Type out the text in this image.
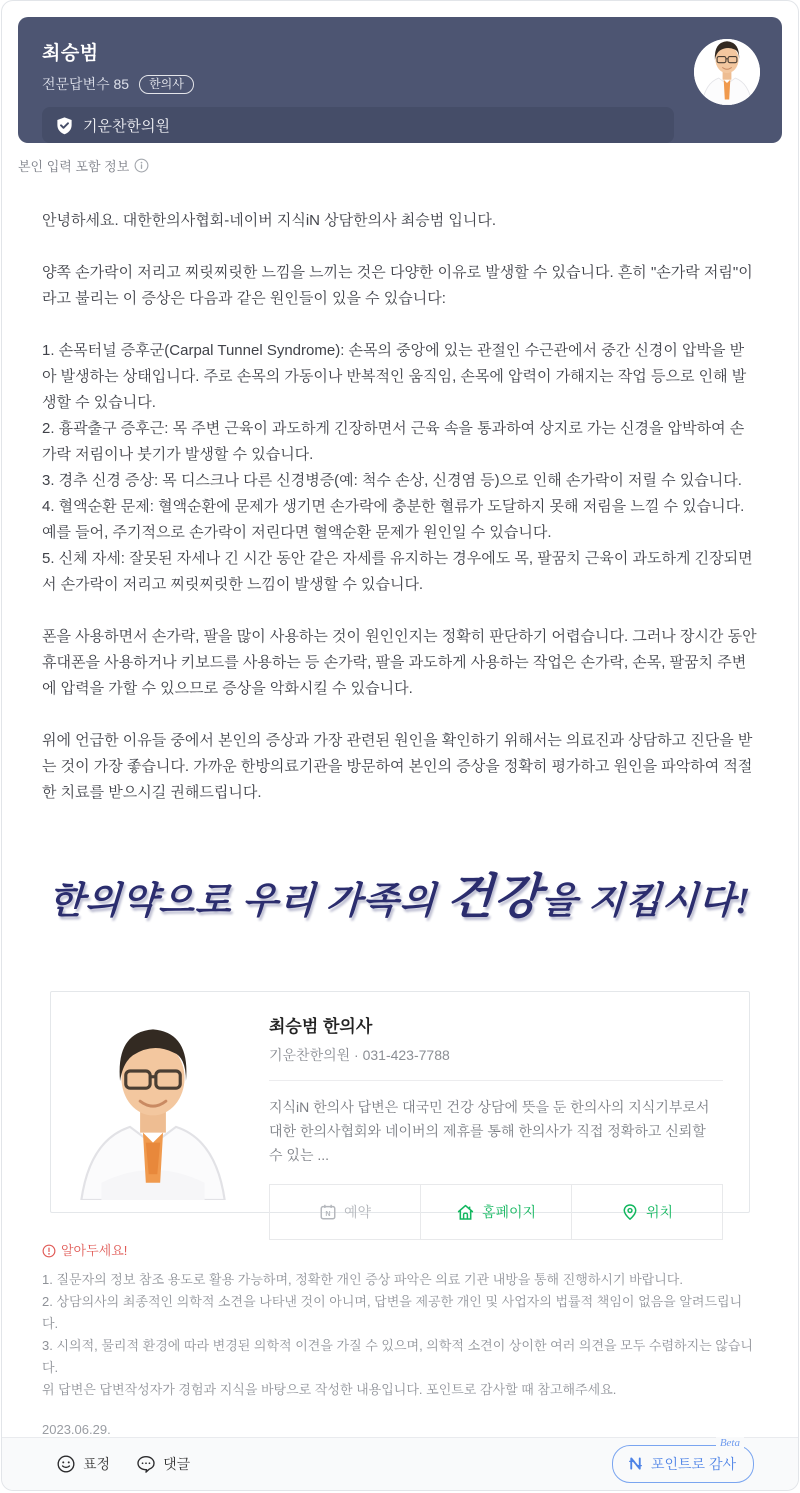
최승범
전문답변수 85	한의사
기운찬한의원
본인 입력 포함 정보

안녕하세요. 대한한의사협회-네이버 지식iN 상담한의사 최승범 입니다.

양쪽 손가락이 저리고 찌릿찌릿한 느낌을 느끼는 것은 다양한 이유로 발생할 수 있습니다. 흔히 "손가락 저림"이라고 불리는 이 증상은 다음과 같은 원인들이 있을 수 있습니다:

1. 손목터널 증후군(Carpal Tunnel Syndrome): 손목의 중앙에 있는 관절인 수근관에서 중간 신경이 압박을 받아 발생하는 상태입니다. 주로 손목의 가동이나 반복적인 움직임, 손목에 압력이 가해지는 작업 등으로 인해 발생할 수 있습니다.

2. 흉곽출구 증후근: 목 주변 근육이 과도하게 긴장하면서 근육 속을 통과하여 상지로 가는 신경을 압박하여 손가락 저림이나 붓기가 발생할 수 있습니다.

3. 경추 신경 증상: 목 디스크나 다른 신경병증(예: 척수 손상, 신경염 등)으로 인해 손가락이 저릴 수 있습니다.

4. 혈액순환 문제: 혈액순환에 문제가 생기면 손가락에 충분한 혈류가 도달하지 못해 저림을 느낄 수 있습니다. 예를 들어, 주기적으로 손가락이 저린다면 혈액순환 문제가 원인일 수 있습니다.

5. 신체 자세: 잘못된 자세나 긴 시간 동안 같은 자세를 유지하는 경우에도 목, 팔꿈치 근육이 과도하게 긴장되면서 손가락이 저리고 찌릿찌릿한 느낌이 발생할 수 있습니다.

폰을 사용하면서 손가락, 팔을 많이 사용하는 것이 원인인지는 정확히 판단하기 어렵습니다. 그러나 장시간 동안 휴대폰을 사용하거나 키보드를 사용하는 등 손가락, 팔을 과도하게 사용하는 작업은 손가락, 손목, 팔꿈치 주변에 압력을 가할 수 있으므로 증상을 악화시킬 수 있습니다.

위에 언급한 이유들 중에서 본인의 증상과 가장 관련된 원인을 확인하기 위해서는 의료진과 상담하고 진단을 받는 것이 가장 좋습니다. 가까운 한방의료기관을 방문하여 본인의 증상을 정확히 평가하고 원인을 파악하여 적절한 치료를 받으시길 권해드립니다.

한의약으로 우리 가족의 건강을 지킵시다!
최승범 한의사
기운찬한의원 · 031-423-7788
지식iN 한의사 답변은 대국민 건강 상담에 뜻을 둔 한의사의 지식기부로서 대한 한의사협회와 네이버의 제휴를 통해 한의사가 직접 정확하고 신뢰할 수 있는 ...
N 예약	홈페이지	위치
알아두세요!
1. 질문자의 정보 참조 용도로 활용 가능하며, 정확한 개인 증상 파악은 의료 기관 내방을 통해 진행하시기 바랍니다.
2. 상담의사의 최종적인 의학적 소견을 나타낸 것이 아니며, 답변을 제공한 개인 및 사업자의 법률적 책임이 없음을 알려드립니다.
3. 시의적, 물리적 환경에 따라 변경된 의학적 이견을 가질 수 있으며, 의학적 소견이 상이한 여러 의견을 모두 수렴하지는 않습니다.
위 답변은 답변작성자가 경험과 지식을 바탕으로 작성한 내용입니다. 포인트로 감사할 때 참고해주세요.
2023.06.29.
표정	댓글
Beta
포인트로 감사
